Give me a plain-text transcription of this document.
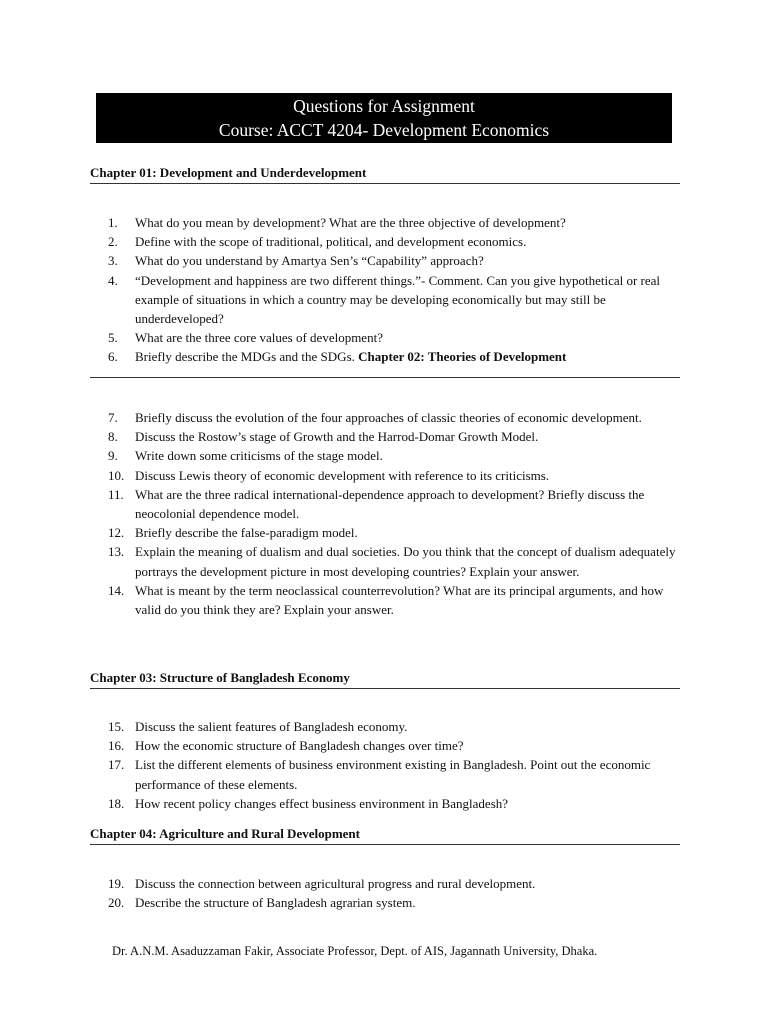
Questions for Assignment
Course: ACCT 4204- Development Economics
Chapter 01: Development and Underdevelopment
1.	What do you mean by development? What are the three objective of development?
2.	Define with the scope of traditional, political, and development economics.
3.	What do you understand by Amartya Sen’s “Capability” approach?
4.	“Development and happiness are two different things.”- Comment. Can you give hypothetical or real example of situations in which a country may be developing economically but may still be underdeveloped?
5.	What are the three core values of development?
6.	Briefly describe the MDGs and the SDGs. Chapter 02: Theories of Development
7.	Briefly discuss the evolution of the four approaches of classic theories of economic development.
8.	Discuss the Rostow’s stage of Growth and the Harrod-Domar Growth Model.
9.	Write down some criticisms of the stage model.
10. Discuss Lewis theory of economic development with reference to its criticisms.
11. What are the three radical international-dependence approach to development? Briefly discuss the neocolonial dependence model.
12. Briefly describe the false-paradigm model.
13. Explain the meaning of dualism and dual societies. Do you think that the concept of dualism adequately portrays the development picture in most developing countries? Explain your answer.
14. What is meant by the term neoclassical counterrevolution? What are its principal arguments, and how valid do you think they are? Explain your answer.
Chapter 03: Structure of Bangladesh Economy
15. Discuss the salient features of Bangladesh economy.
16. How the economic structure of Bangladesh changes over time?
17. List the different elements of business environment existing in Bangladesh. Point out the economic performance of these elements.
18. How recent policy changes effect business environment in Bangladesh?
Chapter 04: Agriculture and Rural Development
19. Discuss the connection between agricultural progress and rural development.
20. Describe the structure of Bangladesh agrarian system.
Dr. A.N.M. Asaduzzaman Fakir, Associate Professor, Dept. of AIS, Jagannath University, Dhaka.
